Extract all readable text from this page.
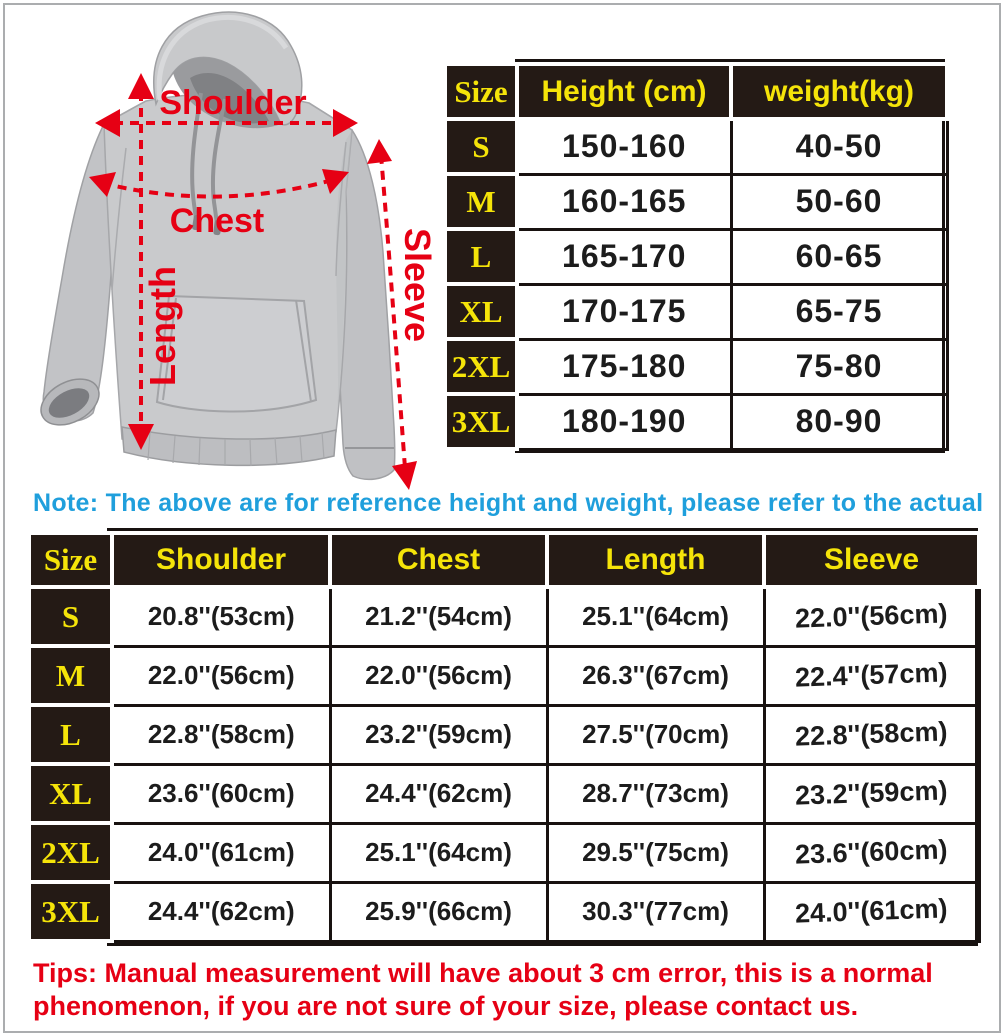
Shoulder
Chest
Length	Sleeve
Size	Height (cm)	weight(kg)
S	150-160	40-50
M	160-165	50-60
L	165-170	60-65
XL	170-175	65-75
2XL	175-180	75-80
3XL	180-190	80-90
Note: The above are for reference height and weight, please refer to the actual
Size	Shoulder	Chest	Length	Sleeve
S	20.8''(53cm)	21.2''(54cm)	25.1''(64cm)	22.0''(56cm)
M	22.0''(56cm)	22.0''(56cm)	26.3''(67cm)	22.4''(57cm)
L	22.8''(58cm)	23.2''(59cm)	27.5''(70cm)	22.8''(58cm)
XL	23.6''(60cm)	24.4''(62cm)	28.7''(73cm)	23.2''(59cm)
2XL	24.0''(61cm)	25.1''(64cm)	29.5''(75cm)	23.6''(60cm)
3XL	24.4''(62cm)	25.9''(66cm)	30.3''(77cm)	24.0''(61cm)
Tips: Manual measurement will have about 3 cm error, this is a normal phenomenon, if you are not sure of your size, please contact us.
